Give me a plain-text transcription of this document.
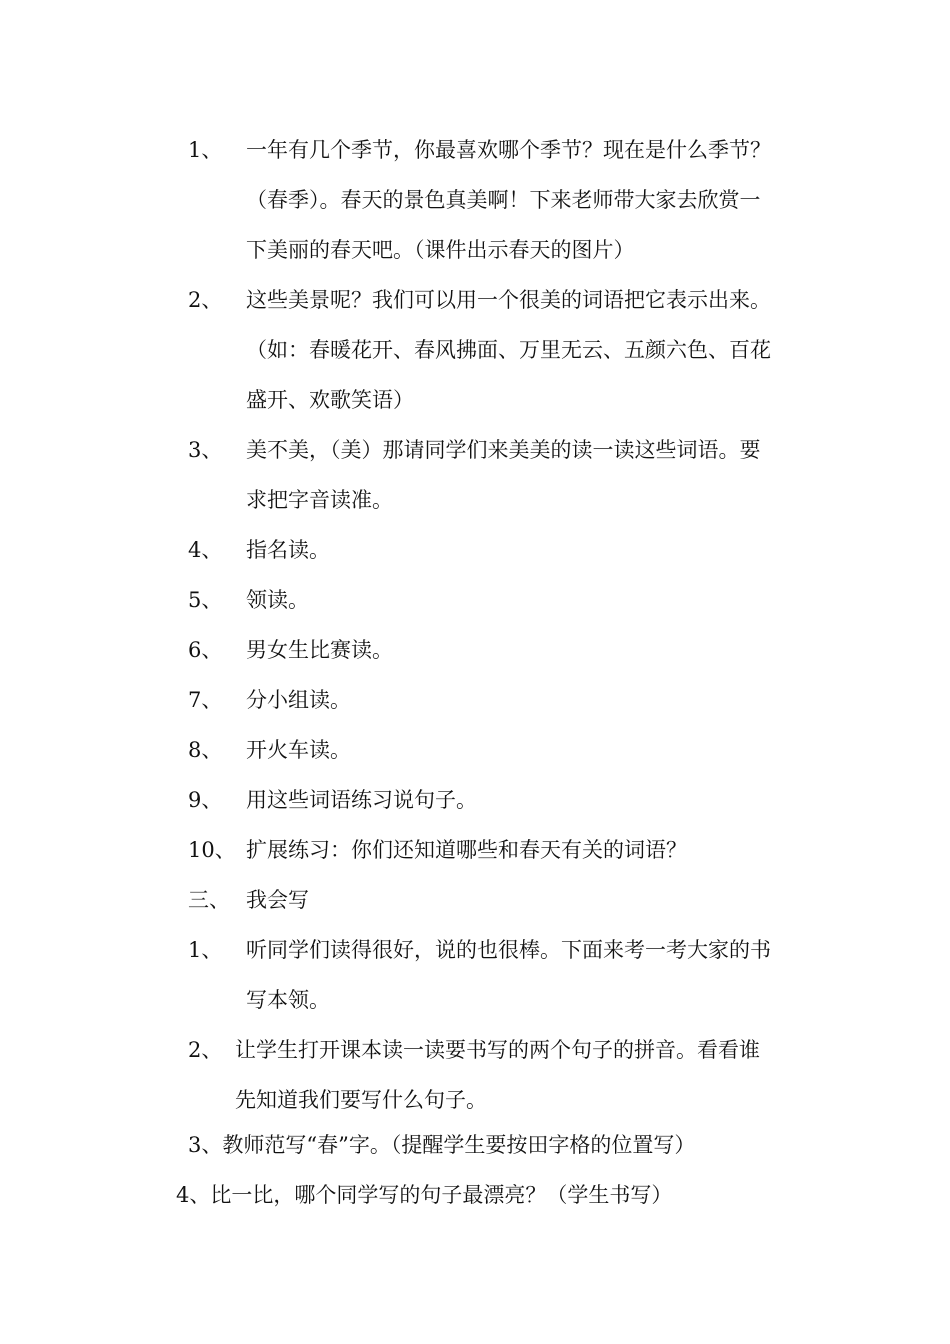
1、	一年有几个季节，你最喜欢哪个季节？现在是什么季节？
（春季）。春天的景色真美啊！下来老师带大家去欣赏一
下美丽的春天吧。（课件出示春天的图片）
2、	这些美景呢？我们可以用一个很美的词语把它表示出来。
（如：春暖花开、春风拂面、万里无云、五颜六色、百花
盛开、欢歌笑语）
3、	美不美，（美）那请同学们来美美的读一读这些词语。要
求把字音读准。
4、	指名读。
5、	领读。
6、	男女生比赛读。
7、	分小组读。
8、	开火车读。
9、	用这些词语练习说句子。
10、 扩展练习：你们还知道哪些和春天有关的词语？
三、 我会写
1、	听同学们读得很好，说的也很棒。下面来考一考大家的书
写本领。
2、 让学生打开课本读一读要书写的两个句子的拼音。看看谁
先知道我们要写什么句子。
3、教师范写“春”字。（提醒学生要按田字格的位置写）
4、比一比，哪个同学写的句子最漂亮？（学生书写）
